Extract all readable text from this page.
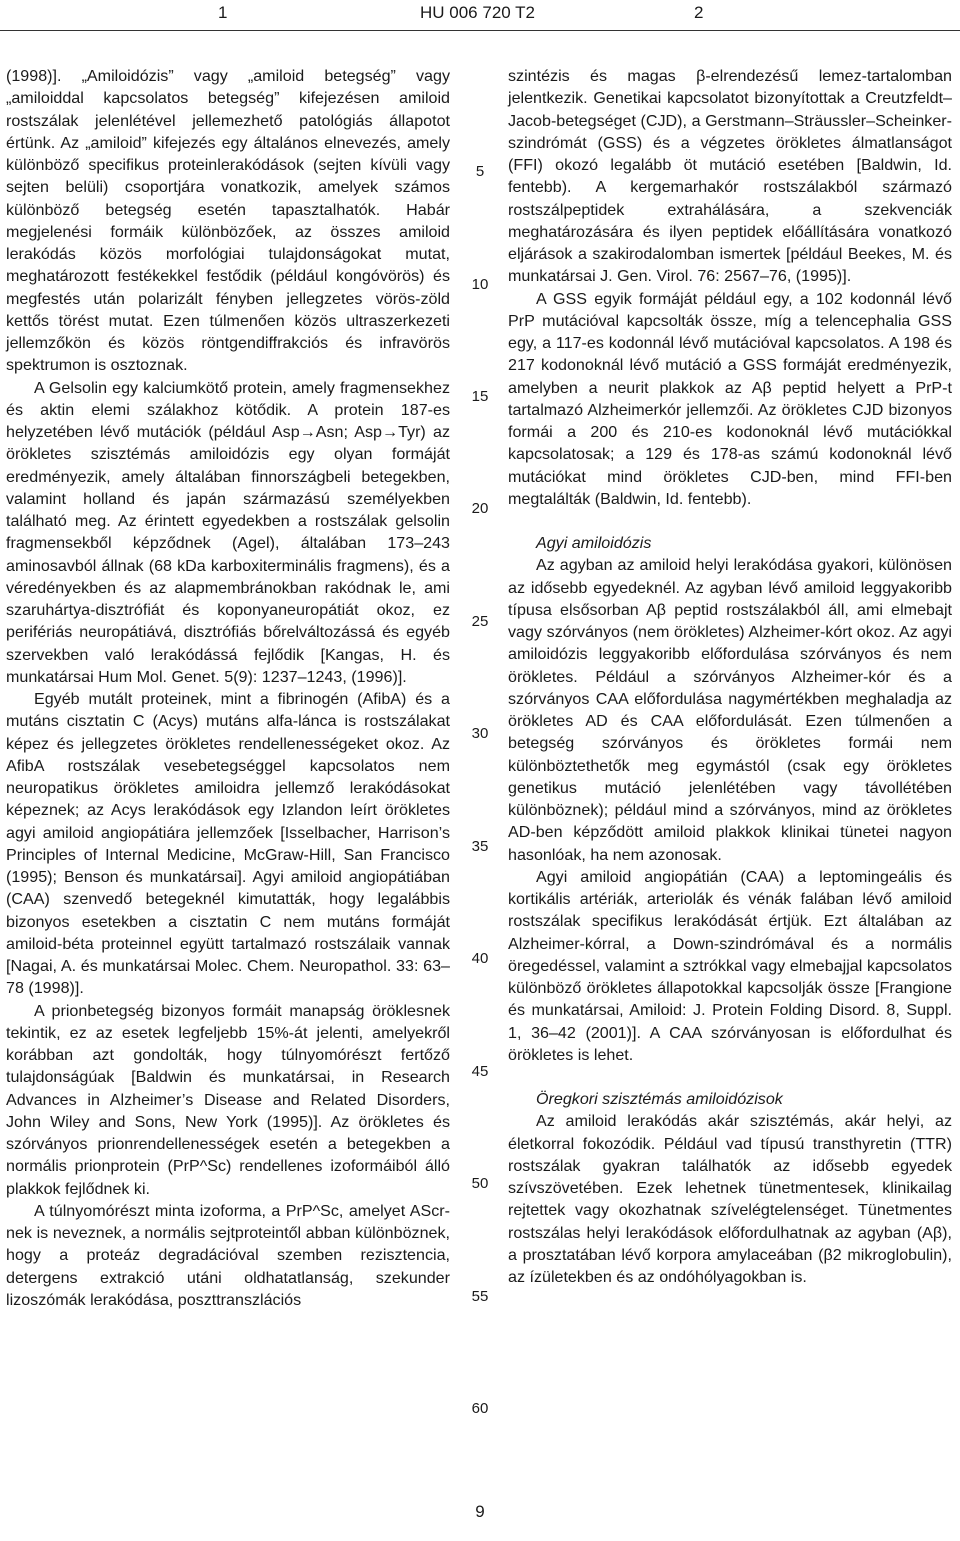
1	HU 006 720 T2	2

(1998)]. „Amiloidózis” vagy „amiloid betegség” vagy „amiloiddal kapcsolatos betegség” kifejezésen amiloid rostszálak jelenlétével jellemezhető patológiás állapotot értünk. Az „amiloid” kifejezés egy általános elnevezés, amely különböző specifikus proteinlerakódások (sejten kívüli vagy sejten belüli) csoportjára vonatkozik, amelyek számos különböző betegség esetén tapasztalhatók. Habár megjelenési formáik különbözőek, az összes amiloid lerakódás közös morfológiai tulajdonságokat mutat, meghatározott festékekkel festődik (például kongóvörös) és megfestés után polarizált fényben jellegzetes vörös-zöld kettős törést mutat. Ezen túlmenően közös ultraszerkezeti jellemzőkön és közös röntgendiffrakciós és infravörös spektrumon is osztoznak.

A Gelsolin egy kalciumkötő protein, amely fragmensekhez és aktin elemi szálakhoz kötődik. A protein 187-es helyzetében lévő mutációk (például Asp→Asn; Asp→Tyr) az örökletes szisztémás amiloidózis egy olyan formáját eredményezik, amely általában finnországbeli betegekben, valamint holland és japán származású személyekben található meg. Az érintett egyedekben a rostszálak gelsolin fragmensekből képződnek (Agel), általában 173–243 aminosavból állnak (68 kDa karboxiterminális fragmens), és a véredényekben és az alapmembránokban rakódnak le, ami szaruhártya-disztrófiát és koponyaneuropátiát okoz, ez perifériás neuropátiává, disztrófiás bőrelváltozássá és egyéb szervekben való lerakódássá fejlődik [Kangas, H. és munkatársai Hum Mol. Genet. 5(9): 1237–1243, (1996)].

Egyéb mutált proteinek, mint a fibrinogén (AfibA) és a mutáns cisztatin C (Acys) mutáns alfa-lánca is rostszálakat képez és jellegzetes örökletes rendellenességeket okoz. Az AfibA rostszálak vesebetegséggel kapcsolatos nem neuropatikus örökletes amiloidra jellemző lerakódásokat képeznek; az Acys lerakódások egy Izlandon leírt örökletes agyi amiloid angiopátiára jellemzőek [Isselbacher, Harrison’s Principles of Internal Medicine, McGraw-Hill, San Francisco (1995); Benson és munkatársai]. Agyi amiloid angiopátiában (CAA) szenvedő betegeknél kimutatták, hogy legalábbis bizonyos esetekben a cisztatin C nem mutáns formáját amiloid-béta proteinnel együtt tartalmazó rostszálaik vannak [Nagai, A. és munkatársai Molec. Chem. Neuropathol. 33: 63–78 (1998)].

A prionbetegség bizonyos formáit manapság öröklesnek tekintik, ez az esetek legfeljebb 15%-át jelenti, amelyekről korábban azt gondolták, hogy túlnyomórészt fertőző tulajdonságúak [Baldwin és munkatársai, in Research Advances in Alzheimer’s Disease and Related Disorders, John Wiley and Sons, New York (1995)]. Az örökletes és szórványos prionrendellenességek esetén a betegekben a normális prionprotein (PrP^Sc) rendellenes izoformáiból álló plakkok fejlődnek ki.

A túlnyomórészt minta izoforma, a PrP^Sc, amelyet AScr-nek is neveznek, a normális sejtproteintől abban különböznek, hogy a proteáz degradációval szemben rezisztencia, detergens extrakció utáni oldhatatlanság, szekunder lizoszómák lerakódása, poszttranszlációs

szintézis és magas β-elrendezésű lemez-tartalomban jelentkezik. Genetikai kapcsolatot bizonyítottak a Creutzfeldt–Jacob-betegséget (CJD), a Gerstmann–Sträussler–Scheinker-szindrómát (GSS) és a végzetes örökletes álmatlanságot (FFI) okozó legalább öt mutáció esetében [Baldwin, Id. fentebb). A kergemarhakór rostszálakból származó rostszálpeptidek extrahálására, a szekvenciák meghatározására és ilyen peptidek előállítására vonatkozó eljárások a szakirodalomban ismertek [például Beekes, M. és munkatársai J. Gen. Virol. 76: 2567–76, (1995)].

A GSS egyik formáját például egy, a 102 kodonnál lévő PrP mutációval kapcsolták össze, míg a telencephalia GSS egy, a 117-es kodonnál lévő mutációval kapcsolatos. A 198 és 217 kodonoknál lévő mutáció a GSS formáját eredményezik, amelyben a neurit plakkok az Aβ peptid helyett a PrP-t tartalmazó Alzheimerkór jellemzői. Az örökletes CJD bizonyos formái a 200 és 210-es kodonoknál lévő mutációkkal kapcsolatosak; a 129 és 178-as számú kodonoknál lévő mutációkat mind örökletes CJD-ben, mind FFI-ben megtalálták (Baldwin, Id. fentebb).

Agyi amiloidózis

Az agyban az amiloid helyi lerakódása gyakori, különösen az idősebb egyedeknél. Az agyban lévő amiloid leggyakoribb típusa elsősorban Aβ peptid rostszálakból áll, ami elmebajt vagy szórványos (nem örökletes) Alzheimer-kórt okoz. Az agyi amiloidózis leggyakoribb előfordulása szórványos és nem örökletes. Például a szórványos Alzheimer-kór és a szórványos CAA előfordulása nagymértékben meghaladja az örökletes AD és CAA előfordulását. Ezen túlmenően a betegség szórványos és örökletes formái nem különböztethetők meg egymástól (csak egy örökletes genetikus mutáció jelenlétében vagy távollétében különböznek); például mind a szórványos, mind az örökletes AD-ben képződött amiloid plakkok klinikai tünetei nagyon hasonlóak, ha nem azonosak.

Agyi amiloid angiopátián (CAA) a leptomingeális és kortikális artériák, arteriolák és vénák falában lévő amiloid rostszálak specifikus lerakódását értjük. Ezt általában az Alzheimer-kórral, a Down-szindrómával és a normális öregedéssel, valamint a sztrókkal vagy elmebajjal kapcsolatos különböző örökletes állapotokkal kapcsolják össze [Frangione és munkatársai, Amiloid: J. Protein Folding Disord. 8, Suppl. 1, 36–42 (2001)]. A CAA szórványosan is előfordulhat és örökletes is lehet.

Öregkori szisztémás amiloidózisok

Az amiloid lerakódás akár szisztémás, akár helyi, az életkorral fokozódik. Például vad típusú transthyretin (TTR) rostszálak gyakran találhatók az idősebb egyedek szívszövetében. Ezek lehetnek tünetmentesek, klinikailag rejtettek vagy okozhatnak szívelégtelenséget. Tünetmentes rostszálas helyi lerakódások előfordulhatnak az agyban (Aβ), a prosztatában lévő korpora amylaceában (β2 mikroglobulin), az ízületekben és az ondóhólyagokban is.

5
10
15
20
25
30
35
40
45
50
55
60
9
